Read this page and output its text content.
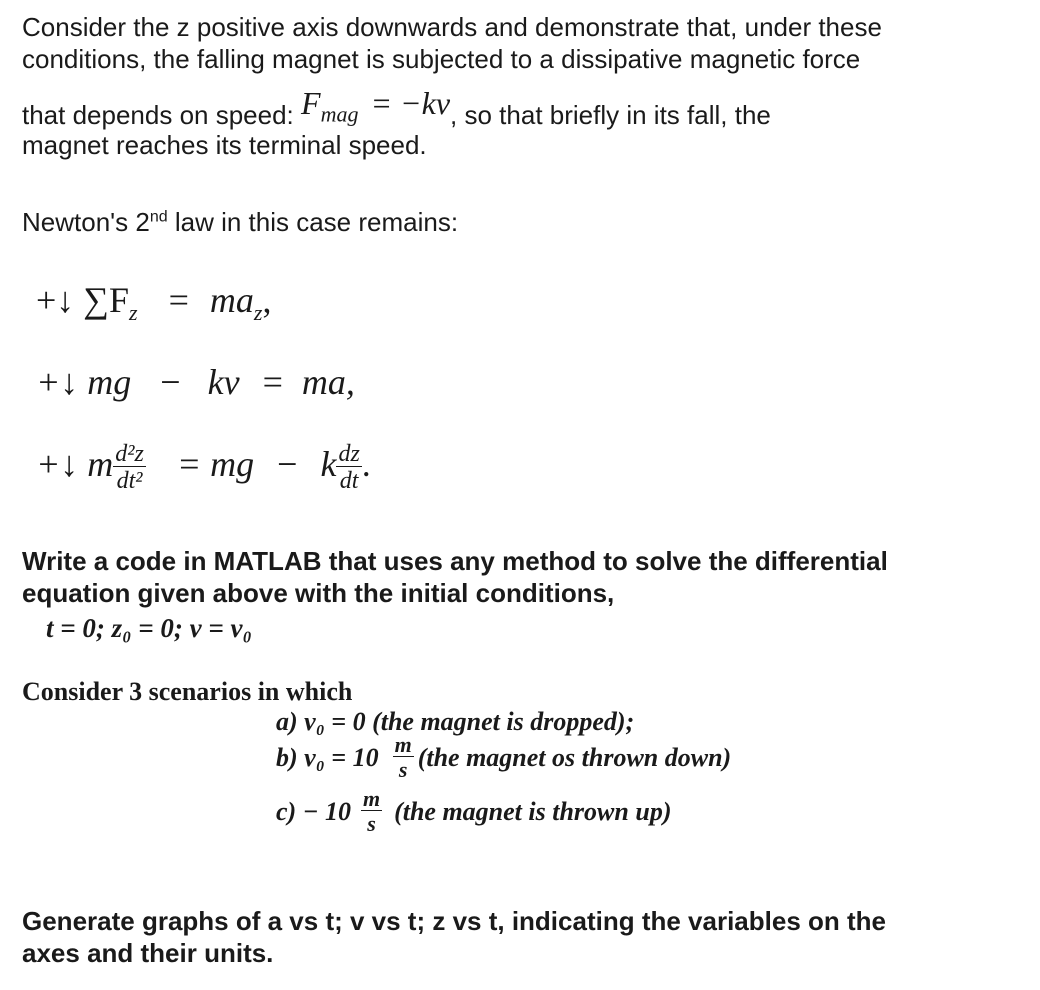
Consider the z positive axis downwards and demonstrate that, under these
conditions, the falling magnet is subjected to a dissipative magnetic force
that depends on speed: $F_{mag} = -kv$, so that briefly in its fall, the
magnet reaches its terminal speed.
Newton's 2nd law in this case remains:
+↓ $\sum F_z = ma_z$,
+↓ mg − kv = ma,
+↓ m $\frac{\text{d²z}}{\text{dt²}}$ = mg − k $\frac{dz}{dt}$ .
Write a code in MATLAB that uses any method to solve the differential
equation given above with the initial conditions,
t = 0; z₀ = 0; v = v₀
Consider 3 scenarios in which
a) v₀ = 0 (the magnet is dropped);
b) $v_0 = 10 \frac{m}{s} (the$ magnet os thrown down)
$c) - 10 \frac{m}{s} (the$ magnet is thrown up)
Generate graphs of a vs t; v vs t; z vs t, indicating the variables on the
axes and their units.
